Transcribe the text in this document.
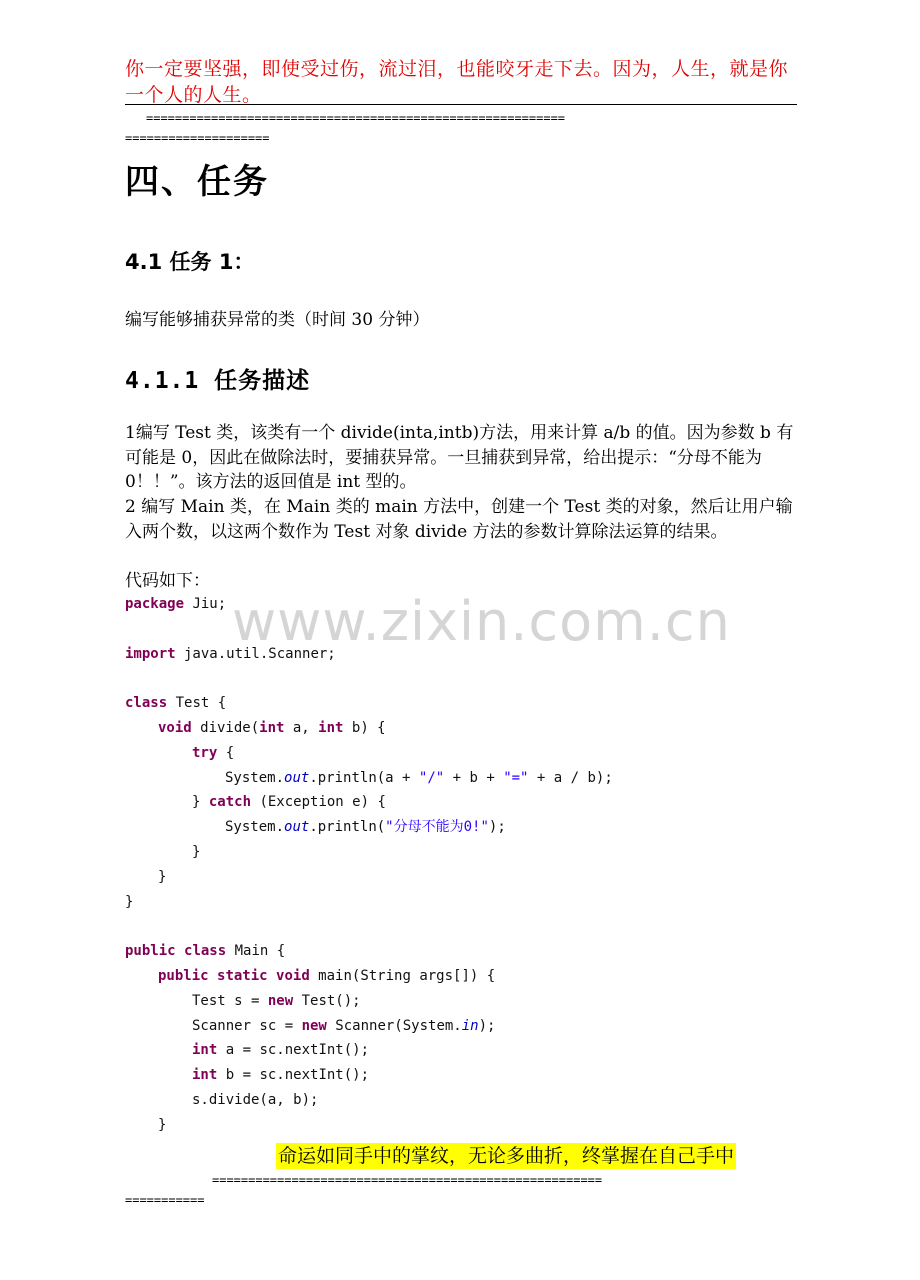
你一定要坚强，即使受过伤，流过泪，也能咬牙走下去。因为，人生，就是你一个人的人生。
==========================================================
====================
四、任务
4.1 任务 1：
编写能够捕获异常的类（时间 30 分钟）
4.1.1 任务描述
1编写 Test 类，该类有一个 divide(inta,intb)方法，用来计算 a/b 的值。因为参数 b 有可能是 0，因此在做除法时，要捕获异常。一旦捕获到异常，给出提示：“分母不能为 0！！”。该方法的返回值是 int 型的。
2 编写 Main 类，在 Main 类的 main 方法中，创建一个 Test 类的对象，然后让用户输入两个数，以这两个数作为 Test 对象 divide 方法的参数计算除法运算的结果。
代码如下：
www.zixin.com.cn
package Jiu;

import java.util.Scanner;

class Test {
void divide(int a, int b) {
try {
System.out.println(a + "/" + b + "=" + a / b);
} catch (Exception e) {
System.out.println("分母不能为0!");
}
}
}

public class Main {
public static void main(String args[]) {
Test s = new Test();
Scanner sc = new Scanner(System.in);
int a = sc.nextInt();
int b = sc.nextInt();
s.divide(a, b);
}
命运如同手中的掌纹，无论多曲折，终掌握在自己手中
======================================================
===========
